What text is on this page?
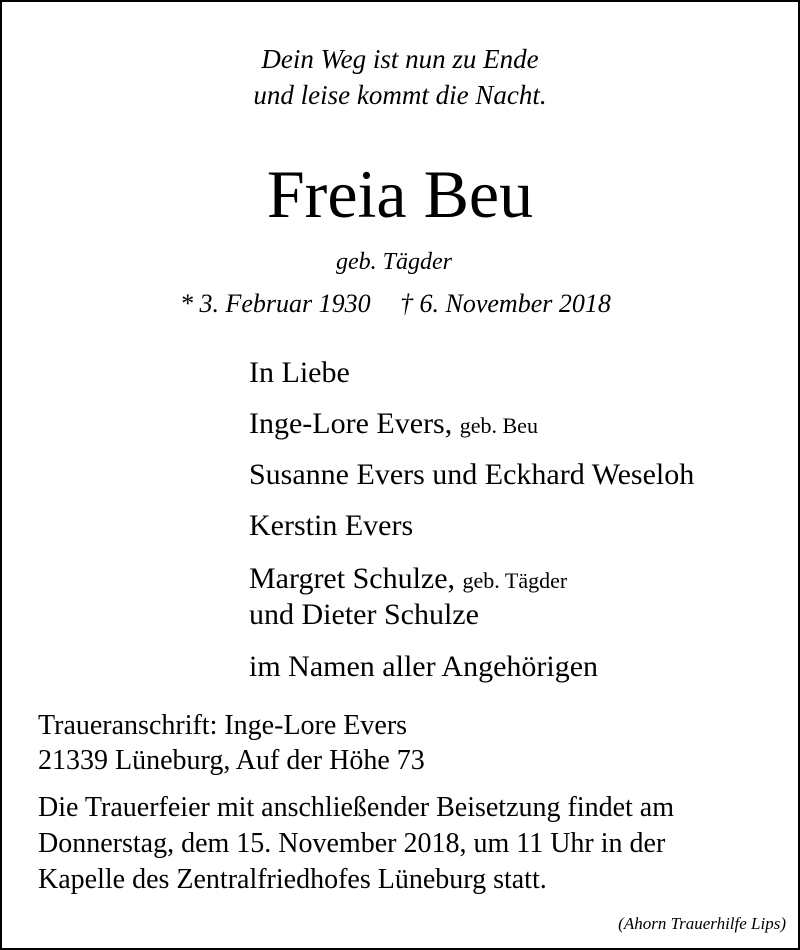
Dein Weg ist nun zu Ende
und leise kommt die Nacht.
Freia Beu
geb. Tägder
* 3. Februar 1930 † 6. November 2018
In Liebe
Inge-Lore Evers, geb. Beu
Susanne Evers und Eckhard Weseloh
Kerstin Evers
Margret Schulze, geb. Tägder
und Dieter Schulze
im Namen aller Angehörigen
Traueranschrift: Inge-Lore Evers
21339 Lüneburg, Auf der Höhe 73
Die Trauerfeier mit anschließender Beisetzung findet am
Donnerstag, dem 15. November 2018, um 11 Uhr in der
Kapelle des Zentralfriedhofes Lüneburg statt.
(Ahorn Trauerhilfe Lips)
